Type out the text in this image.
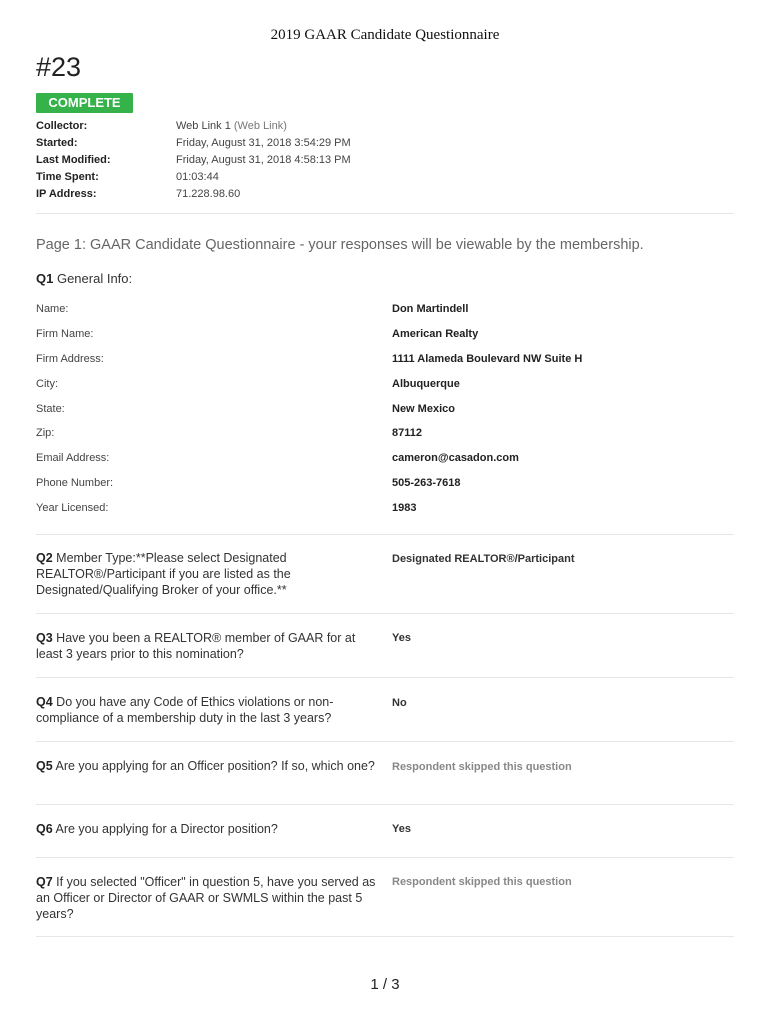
2019 GAAR Candidate Questionnaire
#23
COMPLETE
Collector:	Web Link 1 (Web Link)
Started:	Friday, August 31, 2018 3:54:29 PM
Last Modified:	Friday, August 31, 2018 4:58:13 PM
Time Spent:	01:03:44
IP Address:	71.228.98.60
Page 1: GAAR Candidate Questionnaire - your responses will be viewable by the membership.
Q1 General Info:
Name:	Don Martindell
Firm Name:	American Realty
Firm Address:	1111 Alameda Boulevard NW Suite H
City:	Albuquerque
State:	New Mexico
Zip:	87112
Email Address:	cameron@casadon.com
Phone Number:	505-263-7618
Year Licensed:	1983
Q2 Member Type:**Please select Designated REALTOR®/Participant if you are listed as the Designated/Qualifying Broker of your office.**
Designated REALTOR®/Participant
Q3 Have you been a REALTOR® member of GAAR for at least 3 years prior to this nomination?
Yes
Q4 Do you have any Code of Ethics violations or non-compliance of a membership duty in the last 3 years?
No
Q5 Are you applying for an Officer position? If so, which one? Respondent skipped this question
Q6 Are you applying for a Director position?	Yes
Q7 If you selected "Officer" in question 5, have you served as an Officer or Director of GAAR or SWMLS within the past 5 years?
Respondent skipped this question
1 / 3
